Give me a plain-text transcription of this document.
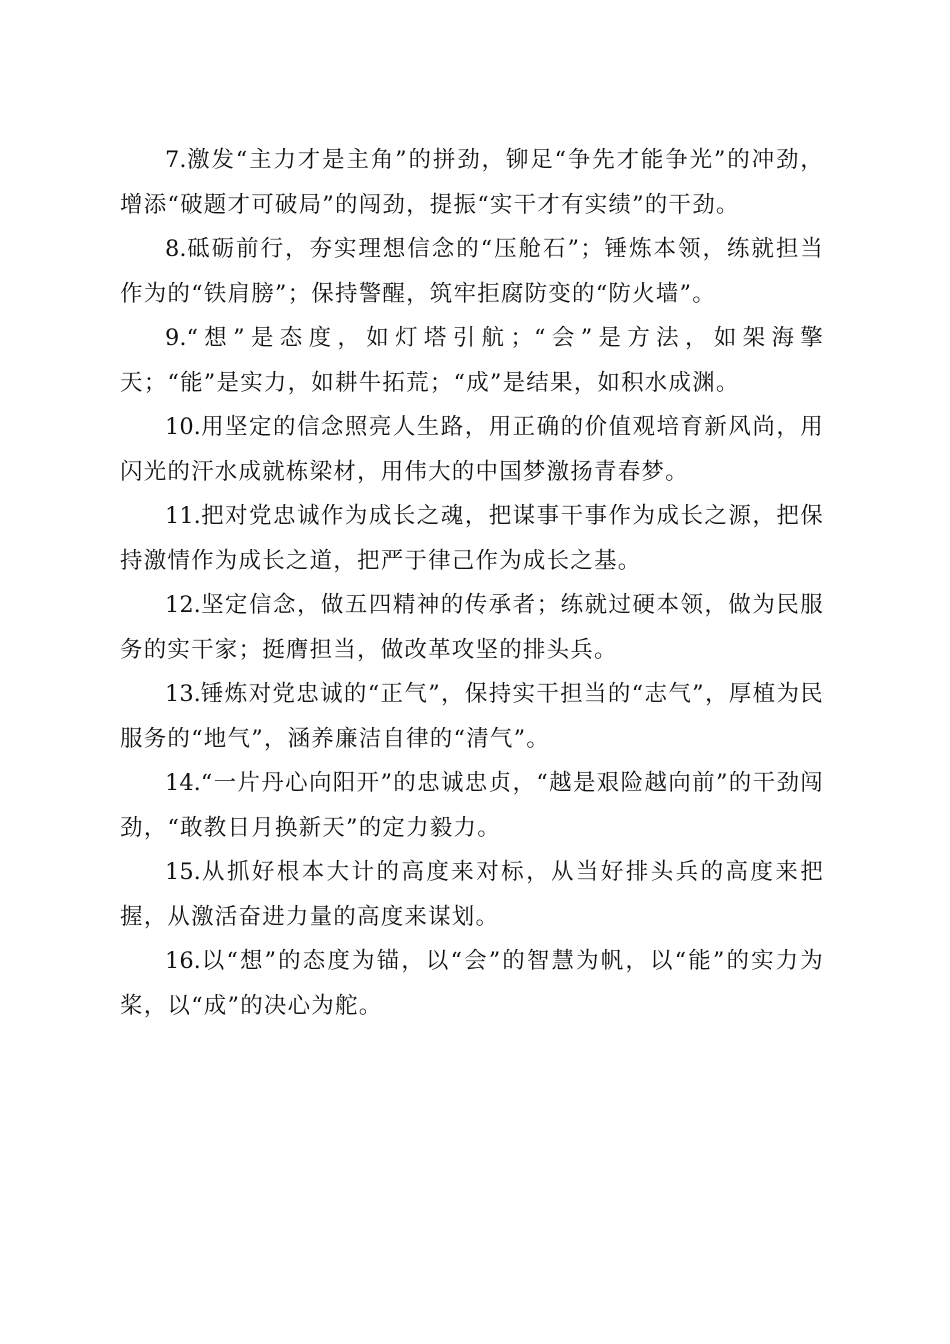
7.激发“主力才是主角”的拼劲，铆足“争先才能争光”的冲劲，增添“破题才可破局”的闯劲，提振“实干才有实绩”的干劲。

8.砥砺前行，夯实理想信念的“压舱石”；锤炼本领，练就担当作为的“铁肩膀”；保持警醒，筑牢拒腐防变的“防火墙”。

9.“想”是态度，如灯塔引航；“会”是方法，如架海擎天；“能”是实力，如耕牛拓荒；“成”是结果，如积水成渊。

10.用坚定的信念照亮人生路，用正确的价值观培育新风尚，用闪光的汗水成就栋梁材，用伟大的中国梦激扬青春梦。

11.把对党忠诚作为成长之魂，把谋事干事作为成长之源，把保持激情作为成长之道，把严于律己作为成长之基。

12.坚定信念，做五四精神的传承者；练就过硬本领，做为民服务的实干家；挺膺担当，做改革攻坚的排头兵。

13.锤炼对党忠诚的“正气”，保持实干担当的“志气”，厚植为民服务的“地气”，涵养廉洁自律的“清气”。

14.“一片丹心向阳开”的忠诚忠贞，“越是艰险越向前”的干劲闯劲，“敢教日月换新天”的定力毅力。

15.从抓好根本大计的高度来对标，从当好排头兵的高度来把握，从激活奋进力量的高度来谋划。

16.以“想”的态度为锚，以“会”的智慧为帆，以“能”的实力为桨，以“成”的决心为舵。
